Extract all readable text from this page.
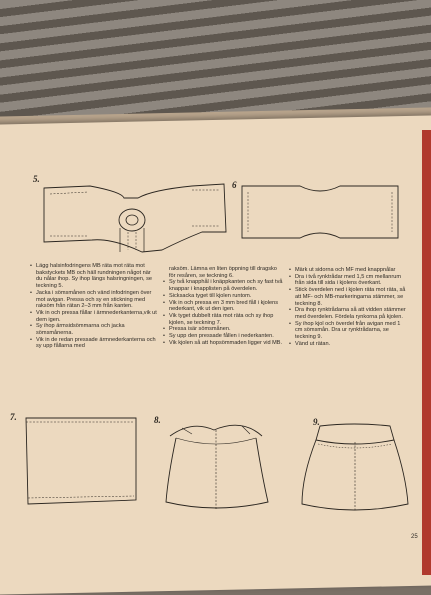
5.
6
• Lägg halsinfodringens MB räta mot räta mot bakstyckets MB och häll rundningen något när du nålar ihop. Sy ihop längs halsringningen, se teckning 5.
• Jacka i sömsmånen och vänd infodringen över mot avigan. Pressa och sy en stickning med raksöm från rätan 2–3 mm från kanten.
• Vik in och pressa fållar i ärmnederkanterna,vik ut dem igen.
• Sy ihop ärmsidsömmarna och jacka sömsmånerna.
• Vik in de redan pressade ärmnederkanterna och sy upp fållarna med
raksöm. Lämna en liten öppning till dragsko för resåren, se teckning 6.
• Sy två knapphål i knäppkanten och sy fast två knappar i knapplisten på överdelen.
• Sicksacka tyget till kjolen runtom.
• Vik in och pressa en 3 mm bred fåll i kjolens nederkant, vik ut den igen.
• Vik tyget dubbelt räta mot räta och sy ihop kjolen, se teckning 7.
• Pressa isär sömsmånen.
• Sy upp den pressade fållen i nederkanten.
• Vik kjolen så att hopsömmaden ligger vid MB.
• Märk ut sidorna och MF med knappnålar
• Dra i två rynktrådar med 1,5 cm mellanrum från sida till sida i kjolens överkant.
• Stick överdelen ned i kjolen räta mot räta, så att MF- och MB-markeringarna stämmer, se teckning 8.
• Dra ihop rynktrådarna så att vidden stämmer med överdelen. Fördela rynkorna på kjolen.
• Sy ihop kjol och överdel från avigan med 1 cm sömsmån. Dra ur rynktrådarna, se teckning 9.
• Vänd ut rätan.
7.	8.	9.
25
